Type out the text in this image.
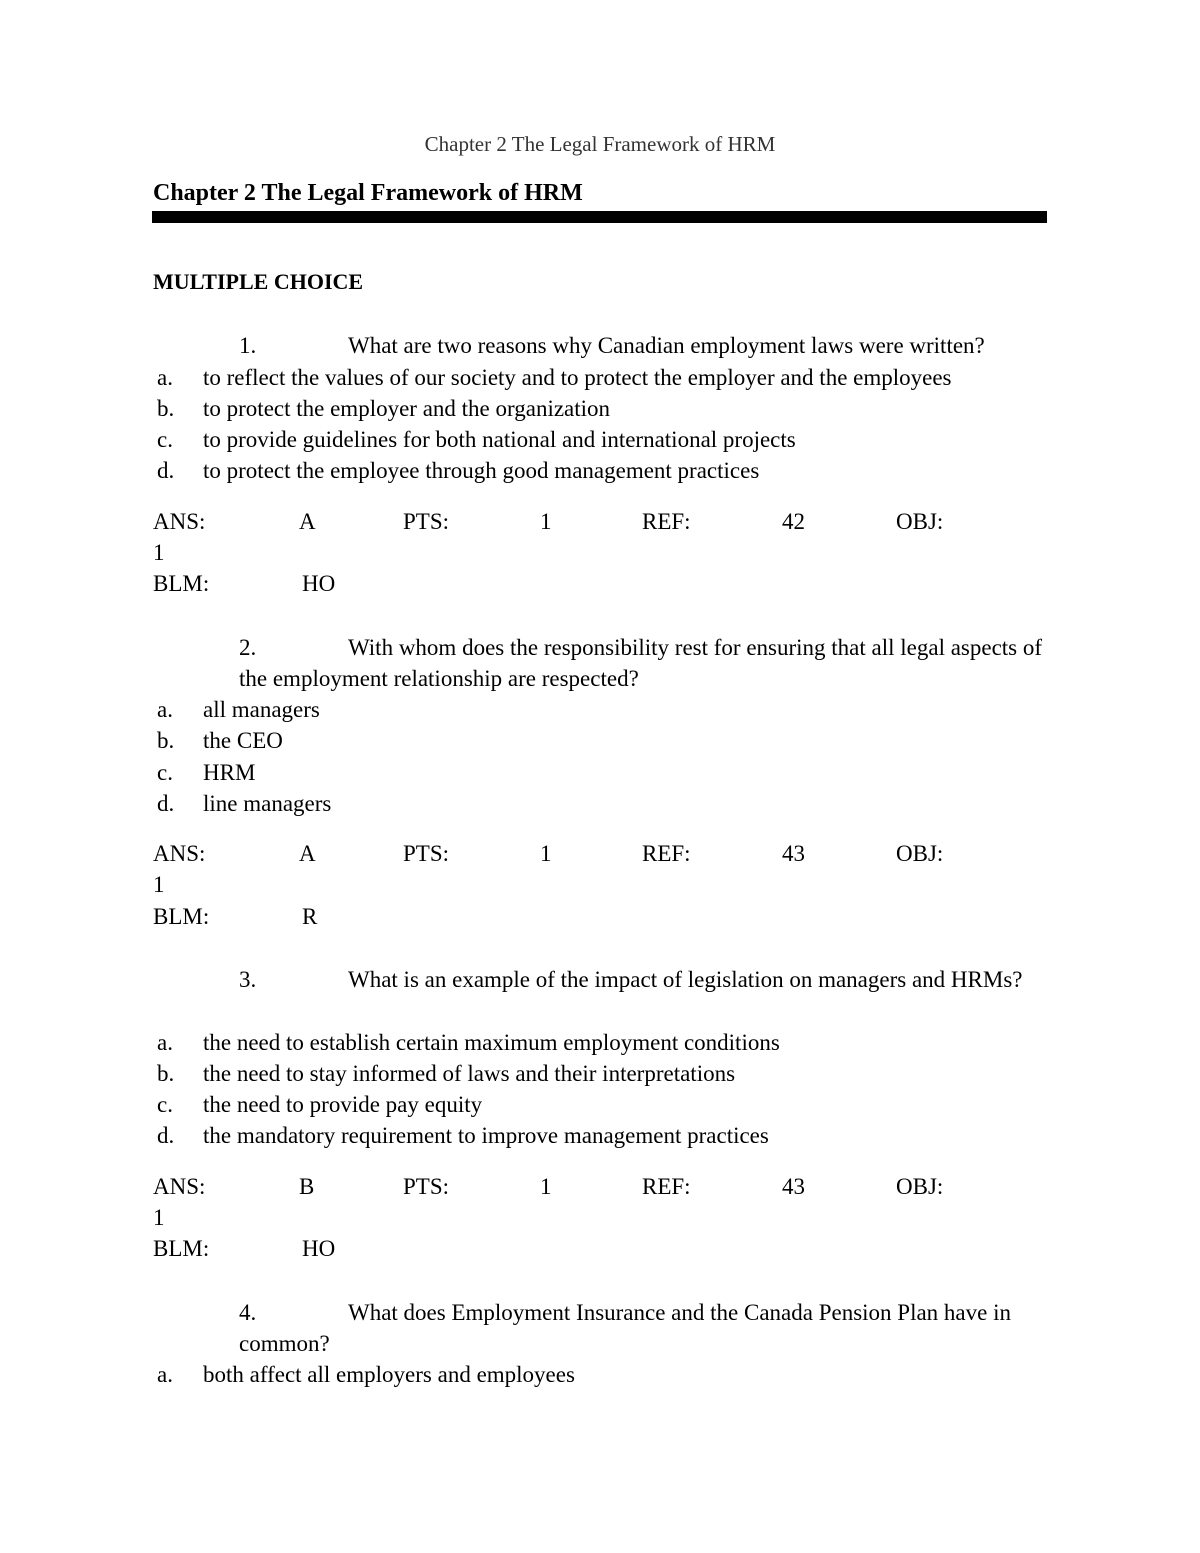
Chapter 2 The Legal Framework of HRM
Chapter 2 The Legal Framework of HRM
MULTIPLE CHOICE
1.	What are two reasons why Canadian employment laws were written?
a. to reflect the values of our society and to protect the employer and the employees
b. to protect the employer and the organization
c. to provide guidelines for both national and international projects
d. to protect the employee through good management practices
ANS:	A	PTS:	1	REF:	42	OBJ:
1
BLM:	HO
2.	With whom does the responsibility rest for ensuring that all legal aspects of the employment relationship are respected?
a. all managers
b. the CEO
c. HRM
d. line managers
ANS:	A	PTS:	1	REF:	43	OBJ:
1
BLM:	R
3.	What is an example of the impact of legislation on managers and HRMs?
a. the need to establish certain maximum employment conditions
b. the need to stay informed of laws and their interpretations
c. the need to provide pay equity
d. the mandatory requirement to improve management practices
ANS:	B	PTS:	1	REF:	43	OBJ:
1
BLM:	HO
4.	What does Employment Insurance and the Canada Pension Plan have in common?
a. both affect all employers and employees
